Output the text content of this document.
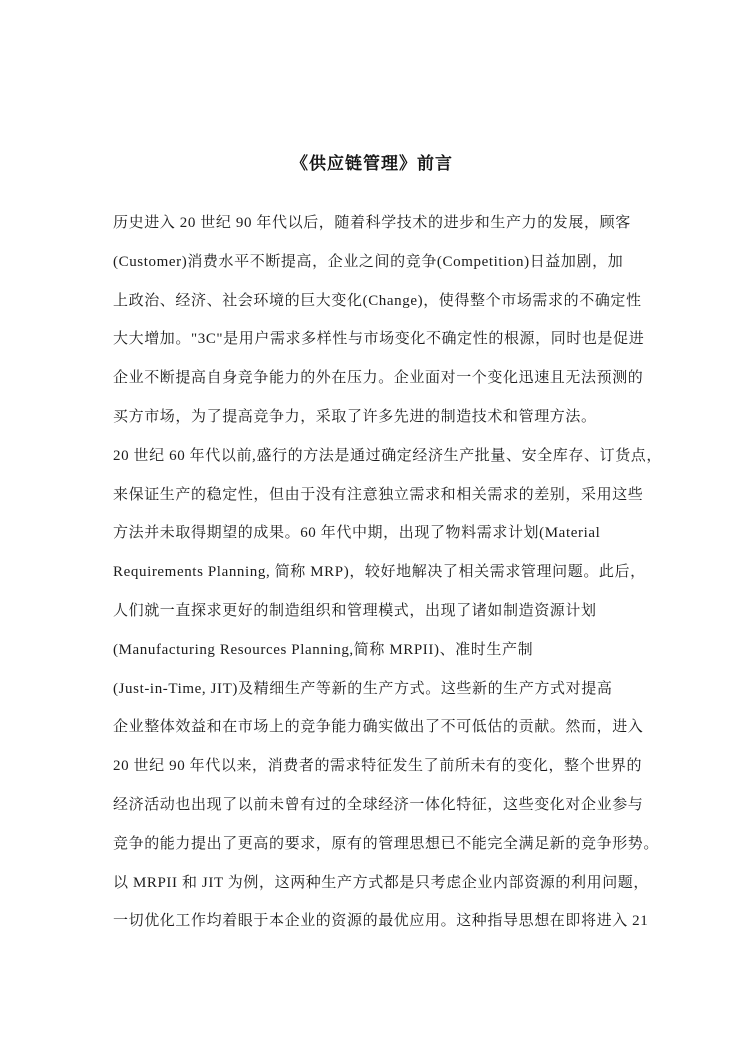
《供应链管理》前言
历史进入 20 世纪 90 年代以后，随着科学技术的进步和生产力的发展，顾客
(Customer)消费水平不断提高，企业之间的竞争(Competition)日益加剧，加
上政治、经济、社会环境的巨大变化(Change)，使得整个市场需求的不确定性
大大增加。"3C"是用户需求多样性与市场变化不确定性的根源，同时也是促进
企业不断提高自身竞争能力的外在压力。企业面对一个变化迅速且无法预测的
买方市场，为了提高竞争力，采取了许多先进的制造技术和管理方法。
20 世纪 60 年代以前,盛行的方法是通过确定经济生产批量、安全库存、订货点，
来保证生产的稳定性，但由于没有注意独立需求和相关需求的差别，采用这些
方法并未取得期望的成果。60 年代中期，出现了物料需求计划(Material
Requirements Planning, 简称 MRP)，较好地解决了相关需求管理问题。此后，
人们就一直探求更好的制造组织和管理模式，出现了诸如制造资源计划
(Manufacturing Resources Planning,简称 MRPII)、准时生产制
(Just-in-Time, JIT)及精细生产等新的生产方式。这些新的生产方式对提高
企业整体效益和在市场上的竞争能力确实做出了不可低估的贡献。然而，进入
20 世纪 90 年代以来，消费者的需求特征发生了前所未有的变化，整个世界的
经济活动也出现了以前未曾有过的全球经济一体化特征，这些变化对企业参与
竞争的能力提出了更高的要求，原有的管理思想已不能完全满足新的竞争形势。
以 MRPII 和 JIT 为例，这两种生产方式都是只考虑企业内部资源的利用问题，
一切优化工作均着眼于本企业的资源的最优应用。这种指导思想在即将进入 21
